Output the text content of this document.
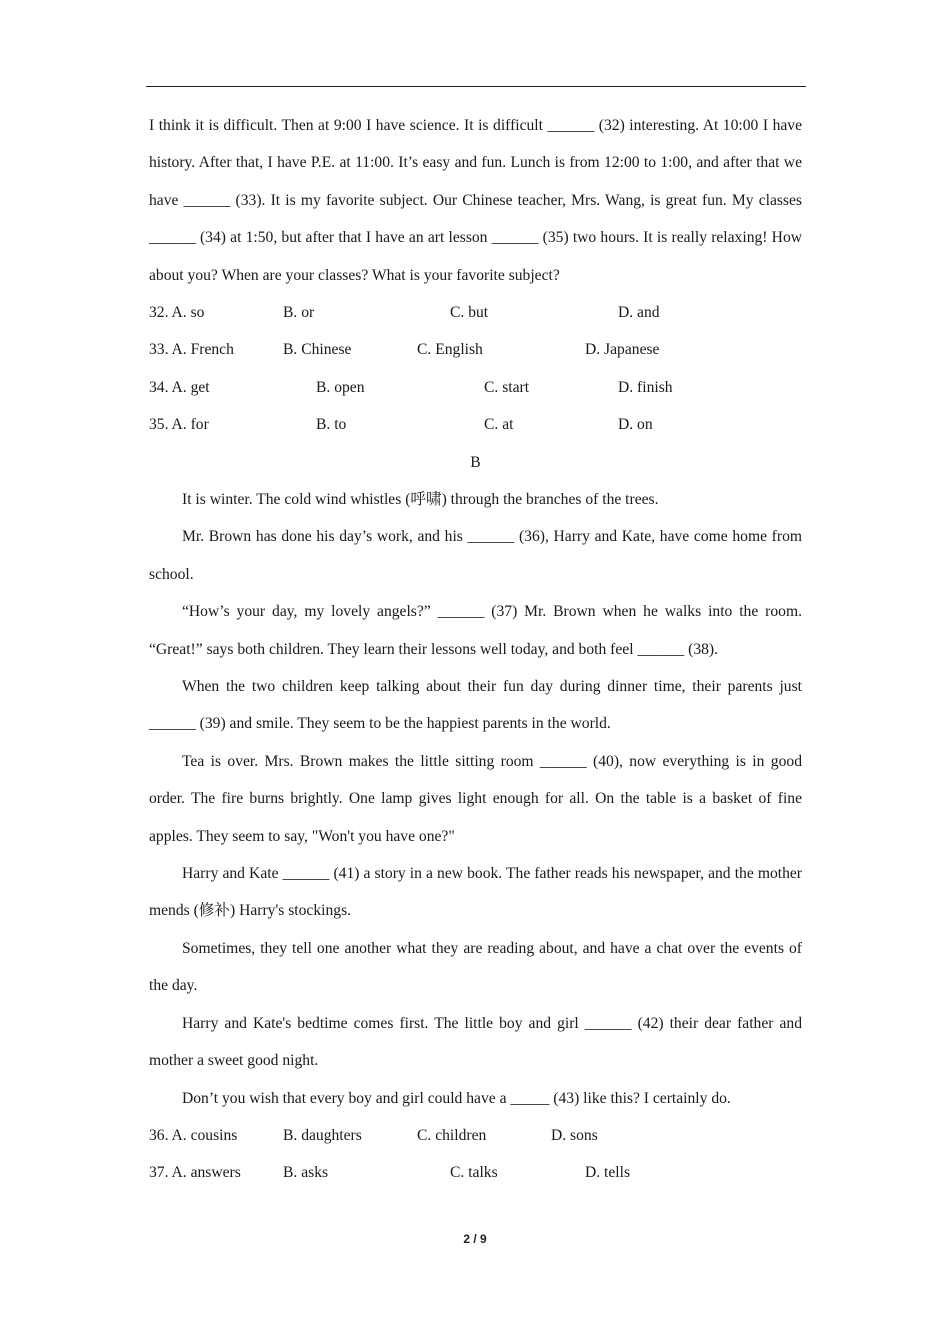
I think it is difficult. Then at 9:00 I have science. It is difficult ______ (32) interesting. At 10:00 I have history. After that, I have P.E. at 11:00. It’s easy and fun. Lunch is from 12:00 to 1:00, and after that we have ______ (33). It is my favorite subject. Our Chinese teacher, Mrs. Wang, is great fun. My classes ______ (34) at 1:50, but after that I have an art lesson ______ (35) two hours. It is really relaxing! How about you? When are your classes? What is your favorite subject?

32. A. so	B. or	C. but	D. and
33. A. French	B. Chinese	C. English	D. Japanese
34. A. get	B. open	C. start	D. finish
35. A. for	B. to	C. at	D. on

B

It is winter. The cold wind whistles (呼啸) through the branches of the trees.

Mr. Brown has done his day’s work, and his ______ (36), Harry and Kate, have come home from school.

“How’s your day, my lovely angels?” ______ (37) Mr. Brown when he walks into the room. “Great!” says both children. They learn their lessons well today, and both feel ______ (38).

When the two children keep talking about their fun day during dinner time, their parents just ______ (39) and smile. They seem to be the happiest parents in the world.

Tea is over. Mrs. Brown makes the little sitting room ______ (40), now everything is in good order. The fire burns brightly. One lamp gives light enough for all. On the table is a basket of fine apples. They seem to say, "Won't you have one?"

Harry and Kate ______ (41) a story in a new book. The father reads his newspaper, and the mother mends (修补) Harry's stockings.

Sometimes, they tell one another what they are reading about, and have a chat over the events of the day.

Harry and Kate's bedtime comes first. The little boy and girl ______ (42) their dear father and mother a sweet good night.

Don’t you wish that every boy and girl could have a _____ (43) like this? I certainly do.

36. A. cousins	B. daughters	C. children	D. sons
37. A. answers	B. asks	C. talks	D. tells
2 / 9
